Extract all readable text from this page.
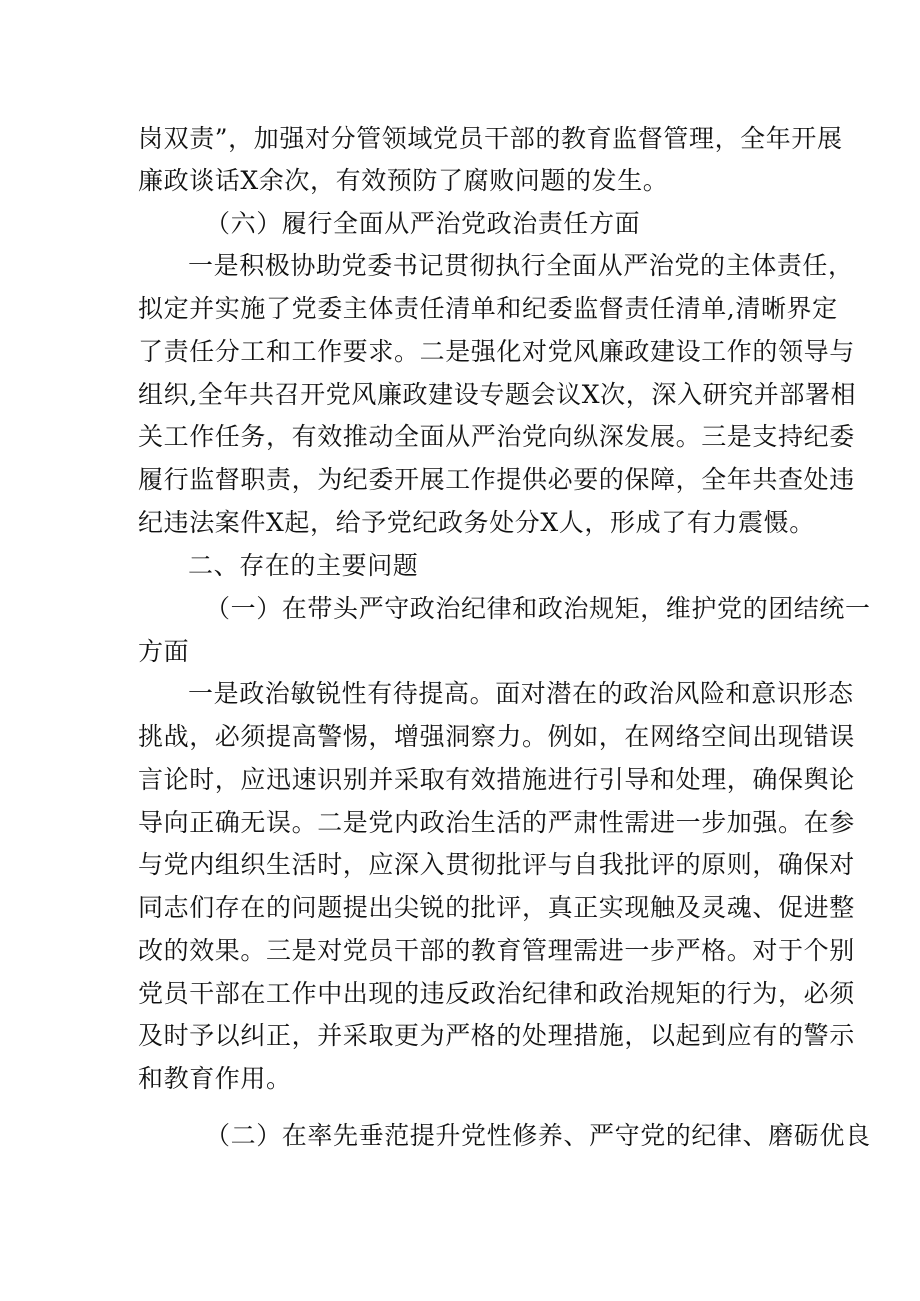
岗双责”，加强对分管领域党员干部的教育监督管理，全年开展
廉政谈话X余次，有效预防了腐败问题的发生。
（六）履行全面从严治党政治责任方面
一是积极协助党委书记贯彻执行全面从严治党的主体责任，
拟定并实施了党委主体责任清单和纪委监督责任清单,清晰界定
了责任分工和工作要求。二是强化对党风廉政建设工作的领导与
组织,全年共召开党风廉政建设专题会议X次，深入研究并部署相
关工作任务，有效推动全面从严治党向纵深发展。三是支持纪委
履行监督职责，为纪委开展工作提供必要的保障，全年共查处违
纪违法案件X起，给予党纪政务处分X人，形成了有力震慑。
二、存在的主要问题
（一）在带头严守政治纪律和政治规矩，维护党的团结统一
方面
一是政治敏锐性有待提高。面对潜在的政治风险和意识形态
挑战，必须提高警惕，增强洞察力。例如，在网络空间出现错误
言论时，应迅速识别并采取有效措施进行引导和处理，确保舆论
导向正确无误。二是党内政治生活的严肃性需进一步加强。在参
与党内组织生活时，应深入贯彻批评与自我批评的原则，确保对
同志们存在的问题提出尖锐的批评，真正实现触及灵魂、促进整
改的效果。三是对党员干部的教育管理需进一步严格。对于个别
党员干部在工作中出现的违反政治纪律和政治规矩的行为，必须
及时予以纠正，并采取更为严格的处理措施，以起到应有的警示
和教育作用。
（二）在率先垂范提升党性修养、严守党的纪律、磨砺优良
